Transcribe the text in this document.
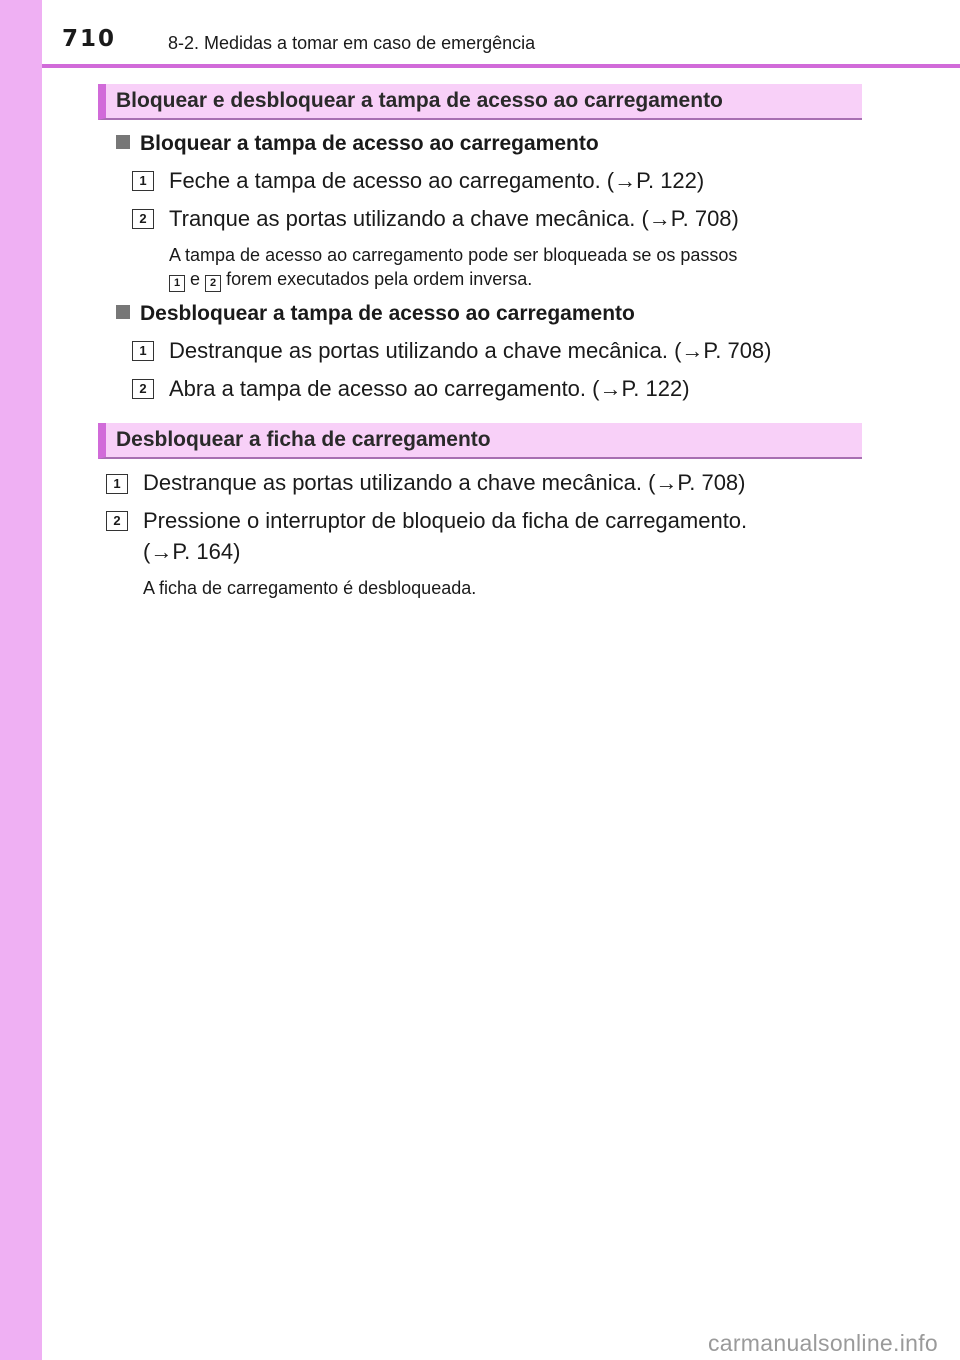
710	8-2. Medidas a tomar em caso de emergência
Bloquear e desbloquear a tampa de acesso ao carregamento
Bloquear a tampa de acesso ao carregamento
1	Feche a tampa de acesso ao carregamento. (→P. 122)
2	Tranque as portas utilizando a chave mecânica. (→P. 708)
A tampa de acesso ao carregamento pode ser bloqueada se os passos
1 e 2 forem executados pela ordem inversa.
Desbloquear a tampa de acesso ao carregamento
1	Destranque as portas utilizando a chave mecânica. (→P. 708)
2	Abra a tampa de acesso ao carregamento. (→P. 122)
Desbloquear a ficha de carregamento
1	Destranque as portas utilizando a chave mecânica. (→P. 708)
2	Pressione o interruptor de bloqueio da ficha de carregamento.
(→P. 164)
A ficha de carregamento é desbloqueada.
carmanualsonline.info
